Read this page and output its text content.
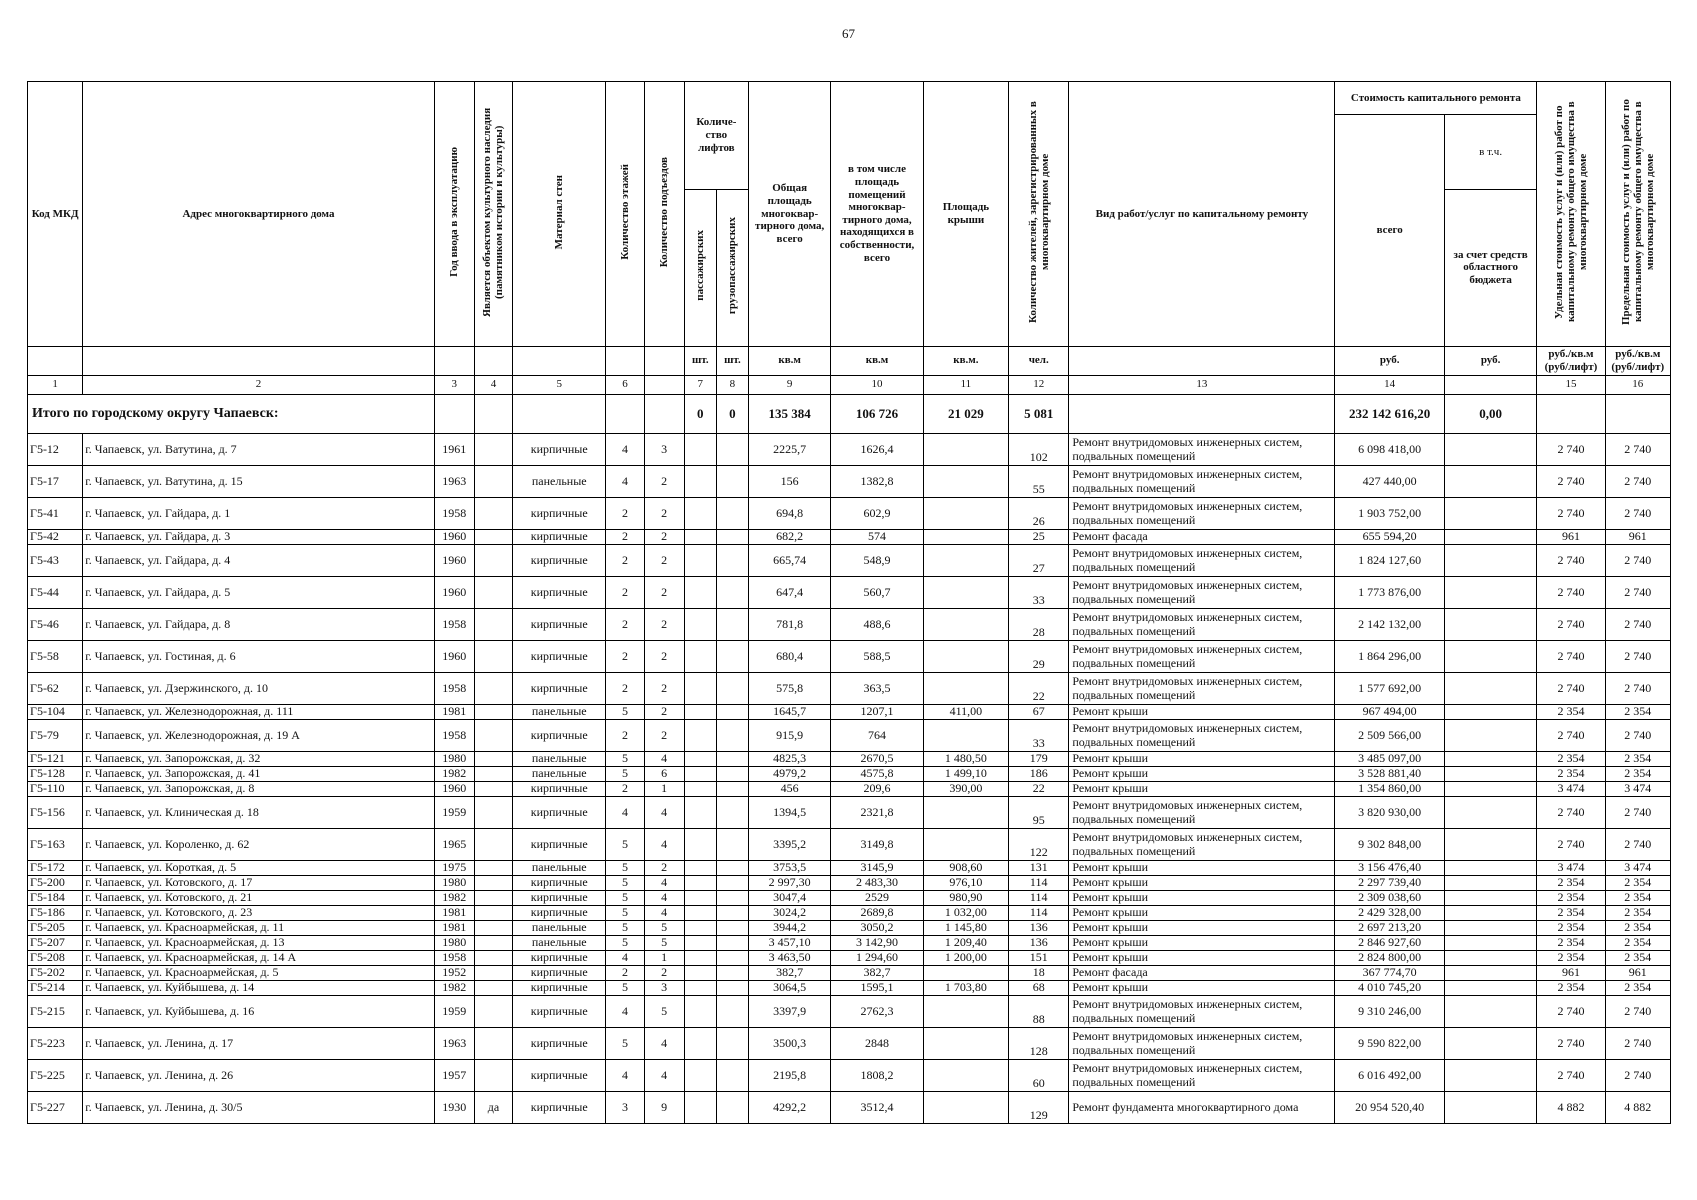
67
Код МКД	Адрес многоквартирного дома	Год ввода в эксплуатацию	Является объектом культурного наследия (памятником истории и культуры)	Материал стен	Количество этажей	Количество подъездов	Количе-ство лифтов		Общая площадь многоквар-тирного дома, всего	в том числе площадь помещений многоквар-тирного дома, находящихся в собственности, всего	Площадь крыши	Количество жителей, зарегистрированных в многоквартирном доме	Вид работ/услуг по капитальному ремонту	Стоимость капитального ремонта		Удельная стоимость услуг и (или) работ по капитальному ремонту общего имущества в многоквартирном доме	Предельная стоимость услуг и (или) работ по капитальному ремонту общего имущества в многоквартирном доме
														всего	в т.ч.		
							пассажирских	грузопассажирских							за счет средств областного бюджета		
							шт.	шт.	кв.м	кв.м	кв.м.	чел.		руб.	руб.	руб./кв.м (руб/лифт)	руб./кв.м (руб/лифт)
1	2	3	4	5	6		7	8	9	10	11	12	13	14		15	16
Итого по городскому округу Чапаевск:							0	0	135 384	106 726	21 029	5 081		232 142 616,20	0,00		
Г5-12	г. Чапаевск, ул. Ватутина, д. 7	1961		кирпичные	4	3			2225,7	1626,4		102	Ремонт внутридомовых инженерных систем, подвальных помещений	6 098 418,00		2 740	2 740
Г5-17	г. Чапаевск, ул. Ватутина, д. 15	1963		панельные	4	2			156	1382,8		55	Ремонт внутридомовых инженерных систем, подвальных помещений	427 440,00		2 740	2 740
Г5-41	г. Чапаевск, ул. Гайдара, д. 1	1958		кирпичные	2	2			694,8	602,9		26	Ремонт внутридомовых инженерных систем, подвальных помещений	1 903 752,00		2 740	2 740
Г5-42	г. Чапаевск, ул. Гайдара, д. 3	1960		кирпичные	2	2			682,2	574		25	Ремонт фасада	655 594,20		961	961
Г5-43	г. Чапаевск, ул. Гайдара, д. 4	1960		кирпичные	2	2			665,74	548,9		27	Ремонт внутридомовых инженерных систем, подвальных помещений	1 824 127,60		2 740	2 740
Г5-44	г. Чапаевск, ул. Гайдара, д. 5	1960		кирпичные	2	2			647,4	560,7		33	Ремонт внутридомовых инженерных систем, подвальных помещений	1 773 876,00		2 740	2 740
Г5-46	г. Чапаевск, ул. Гайдара, д. 8	1958		кирпичные	2	2			781,8	488,6		28	Ремонт внутридомовых инженерных систем, подвальных помещений	2 142 132,00		2 740	2 740
Г5-58	г. Чапаевск, ул. Гостиная, д. 6	1960		кирпичные	2	2			680,4	588,5		29	Ремонт внутридомовых инженерных систем, подвальных помещений	1 864 296,00		2 740	2 740
Г5-62	г. Чапаевск, ул. Дзержинского, д. 10	1958		кирпичные	2	2			575,8	363,5		22	Ремонт внутридомовых инженерных систем, подвальных помещений	1 577 692,00		2 740	2 740
Г5-104	г. Чапаевск, ул. Железнодорожная, д. 111	1981		панельные	5	2			1645,7	1207,1	411,00	67	Ремонт крыши	967 494,00		2 354	2 354
Г5-79	г. Чапаевск, ул. Железнодорожная, д. 19 А	1958		кирпичные	2	2			915,9	764		33	Ремонт внутридомовых инженерных систем, подвальных помещений	2 509 566,00		2 740	2 740
Г5-121	г. Чапаевск, ул. Запорожская, д. 32	1980		панельные	5	4			4825,3	2670,5	1 480,50	179	Ремонт крыши	3 485 097,00		2 354	2 354
Г5-128	г. Чапаевск, ул. Запорожская, д. 41	1982		панельные	5	6			4979,2	4575,8	1 499,10	186	Ремонт крыши	3 528 881,40		2 354	2 354
Г5-110	г. Чапаевск, ул. Запорожская, д. 8	1960		кирпичные	2	1			456	209,6	390,00	22	Ремонт крыши	1 354 860,00		3 474	3 474
Г5-156	г. Чапаевск, ул. Клиническая д. 18	1959		кирпичные	4	4			1394,5	2321,8		95	Ремонт внутридомовых инженерных систем, подвальных помещений	3 820 930,00		2 740	2 740
Г5-163	г. Чапаевск, ул. Короленко, д. 62	1965		кирпичные	5	4			3395,2	3149,8		122	Ремонт внутридомовых инженерных систем, подвальных помещений	9 302 848,00		2 740	2 740
Г5-172	г. Чапаевск, ул. Короткая, д. 5	1975		панельные	5	2			3753,5	3145,9	908,60	131	Ремонт крыши	3 156 476,40		3 474	3 474
Г5-200	г. Чапаевск, ул. Котовского, д. 17	1980		кирпичные	5	4			2 997,30	2 483,30	976,10	114	Ремонт крыши	2 297 739,40		2 354	2 354
Г5-184	г. Чапаевск, ул. Котовского, д. 21	1982		кирпичные	5	4			3047,4	2529	980,90	114	Ремонт крыши	2 309 038,60		2 354	2 354
Г5-186	г. Чапаевск, ул. Котовского, д. 23	1981		кирпичные	5	4			3024,2	2689,8	1 032,00	114	Ремонт крыши	2 429 328,00		2 354	2 354
Г5-205	г. Чапаевск, ул. Красноармейская, д. 11	1981		панельные	5	5			3944,2	3050,2	1 145,80	136	Ремонт крыши	2 697 213,20		2 354	2 354
Г5-207	г. Чапаевск, ул. Красноармейская, д. 13	1980		панельные	5	5			3 457,10	3 142,90	1 209,40	136	Ремонт крыши	2 846 927,60		2 354	2 354
Г5-208	г. Чапаевск, ул. Красноармейская, д. 14 А	1958		кирпичные	4	1			3 463,50	1 294,60	1 200,00	151	Ремонт крыши	2 824 800,00		2 354	2 354
Г5-202	г. Чапаевск, ул. Красноармейская, д. 5	1952		кирпичные	2	2			382,7	382,7		18	Ремонт фасада	367 774,70		961	961
Г5-214	г. Чапаевск, ул. Куйбышева, д. 14	1982		кирпичные	5	3			3064,5	1595,1	1 703,80	68	Ремонт крыши	4 010 745,20		2 354	2 354
Г5-215	г. Чапаевск, ул. Куйбышева, д. 16	1959		кирпичные	4	5			3397,9	2762,3		88	Ремонт внутридомовых инженерных систем, подвальных помещений	9 310 246,00		2 740	2 740
Г5-223	г. Чапаевск, ул. Ленина, д. 17	1963		кирпичные	5	4			3500,3	2848		128	Ремонт внутридомовых инженерных систем, подвальных помещений	9 590 822,00		2 740	2 740
Г5-225	г. Чапаевск, ул. Ленина, д. 26	1957		кирпичные	4	4			2195,8	1808,2		60	Ремонт внутридомовых инженерных систем, подвальных помещений	6 016 492,00		2 740	2 740
Г5-227	г. Чапаевск, ул. Ленина, д. 30/5	1930	да	кирпичные	3	9			4292,2	3512,4		129	Ремонт фундамента многоквартирного дома	20 954 520,40		4 882	4 882
